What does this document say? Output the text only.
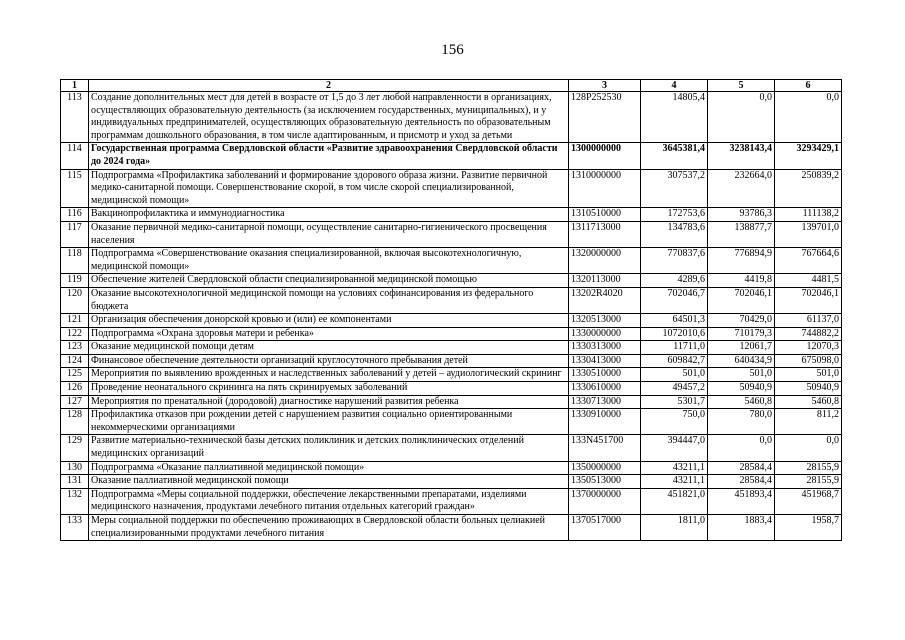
156
1	2	3	4	5	6
113	Создание дополнительных мест для детей в возрасте от 1,5 до 3 лет любой направленности в организациях, осуществляющих образовательную деятельность (за исключением государственных, муниципальных), и у индивидуальных предпринимателей, осуществляющих образовательную деятельность по образовательным программам дошкольного образования, в том числе адаптированным, и присмотр и уход за детьми	128P252530	14805,4	0,0	0,0
114	Государственная программа Свердловской области «Развитие здравоохранения Свердловской области до 2024 года»	1300000000	3645381,4	3238143,4	3293429,1
115	Подпрограмма «Профилактика заболеваний и формирование здорового образа жизни. Развитие первичной медико-санитарной помощи. Совершенствование скорой, в том числе скорой специализированной, медицинской помощи»	1310000000	307537,2	232664,0	250839,2
116	Вакцинопрофилактика и иммунодиагностика	1310510000	172753,6	93786,3	111138,2
117	Оказание первичной медико-санитарной помощи, осуществление санитарно-гигиенического просвещения населения	1311713000	134783,6	138877,7	139701,0
118	Подпрограмма «Совершенствование оказания специализированной, включая высокотехнологичную, медицинской помощи»	1320000000	770837,6	776894,9	767664,6
119	Обеспечение жителей Свердловской области специализированной медицинской помощью	1320113000	4289,6	4419,8	4481,5
120	Оказание высокотехнологичной медицинской помощи на условиях софинансирования из федерального бюджета	13202R4020	702046,7	702046,1	702046,1
121	Организация обеспечения донорской кровью и (или) ее компонентами	1320513000	64501,3	70429,0	61137,0
122	Подпрограмма «Охрана здоровья матери и ребенка»	1330000000	1072010,6	710179,3	744882,2
123	Оказание медицинской помощи детям	1330313000	11711,0	12061,7	12070,3
124	Финансовое обеспечение деятельности организаций круглосуточного пребывания детей	1330413000	609842,7	640434,9	675098,0
125	Мероприятия по выявлению врожденных и наследственных заболеваний у детей – аудиологический скрининг	1330510000	501,0	501,0	501,0
126	Проведение неонатального скрининга на пять скринируемых заболеваний	1330610000	49457,2	50940,9	50940,9
127	Мероприятия по пренатальной (дородовой) диагностике нарушений развития ребенка	1330713000	5301,7	5460,8	5460,8
128	Профилактика отказов при рождении детей с нарушением развития социально ориентированными некоммерческими организациями	1330910000	750,0	780,0	811,2
129	Развитие материально-технической базы детских поликлиник и детских поликлинических отделений медицинских организаций	133N451700	394447,0	0,0	0,0
130	Подпрограмма «Оказание паллиативной медицинской помощи»	1350000000	43211,1	28584,4	28155,9
131	Оказание паллиативной медицинской помощи	1350513000	43211,1	28584,4	28155,9
132	Подпрограмма «Меры социальной поддержки, обеспечение лекарственными препаратами, изделиями медицинского назначения, продуктами лечебного питания отдельных категорий граждан»	1370000000	451821,0	451893,4	451968,7
133	Меры социальной поддержки по обеспечению проживающих в Свердловской области больных целиакией специализированными продуктами лечебного питания	1370517000	1811,0	1883,4	1958,7
